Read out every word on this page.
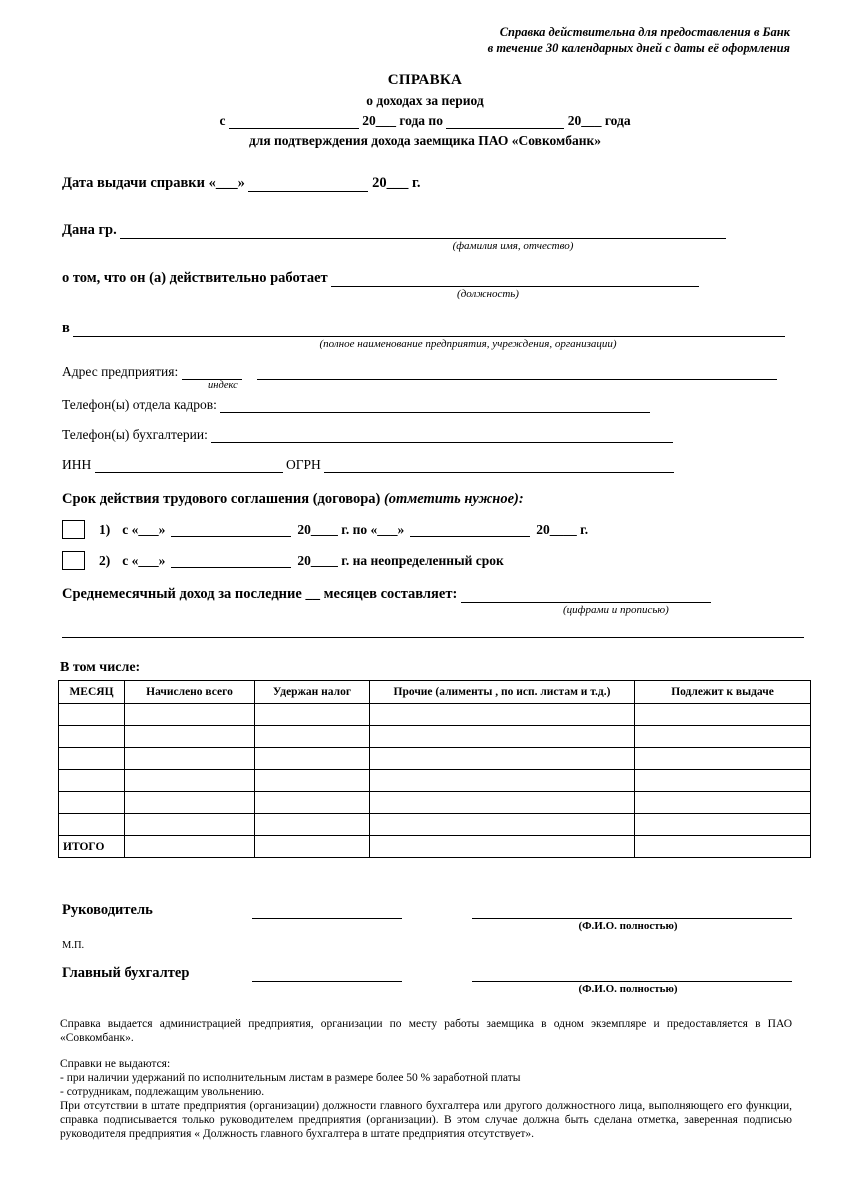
Справка действительна для предоставления в Банк
в течение 30 календарных дней с даты её оформления
СПРАВКА
о доходах за период
с	20___ года по	20___ года
для подтверждения дохода заемщика ПАО «Совкомбанк»
Дата выдачи справки «___»	20___ г.
Дана гр.
(фамилия имя, отчество)
о том, что он (а) действительно работает
(должность)
в
(полное наименование предприятия, учреждения, организации)
Адрес предприятия:
индекс
Телефон(ы) отдела кадров:
Телефон(ы) бухгалтерии:
ИНН	ОГРН
Срок действия трудового соглашения (договора) (отметить нужное):
1) с «___»	20____ г. по «___»	20____ г.
2) с «___»	20____ г. на неопределенный срок
Среднемесячный доход за последние __ месяцев составляет:
(цифрами и прописью)
В том числе:
МЕСЯЦ	Начислено всего	Удержан налог	Прочие (алименты , по исп. листам и т.д.)	Подлежит к выдаче

ИТОГО				
Руководитель
(Ф.И.О. полностью)
М.П.
Главный бухгалтер
(Ф.И.О. полностью)

Справка выдается администрацией предприятия, организации по месту работы заемщика в одном экземпляре и предоставляется в ПАО «Совкомбанк».

Справки не выдаются:

- при наличии удержаний по исполнительным листам в размере более 50 % заработной платы

- сотрудникам, подлежащим увольнению.

При отсутствии в штате предприятия (организации) должности главного бухгалтера или другого должностного лица, выполняющего его функции, справка подписывается только руководителем предприятия (организации). В этом случае должна быть сделана отметка, заверенная подписью руководителя предприятия « Должность главного бухгалтера в штате предприятия отсутствует».
